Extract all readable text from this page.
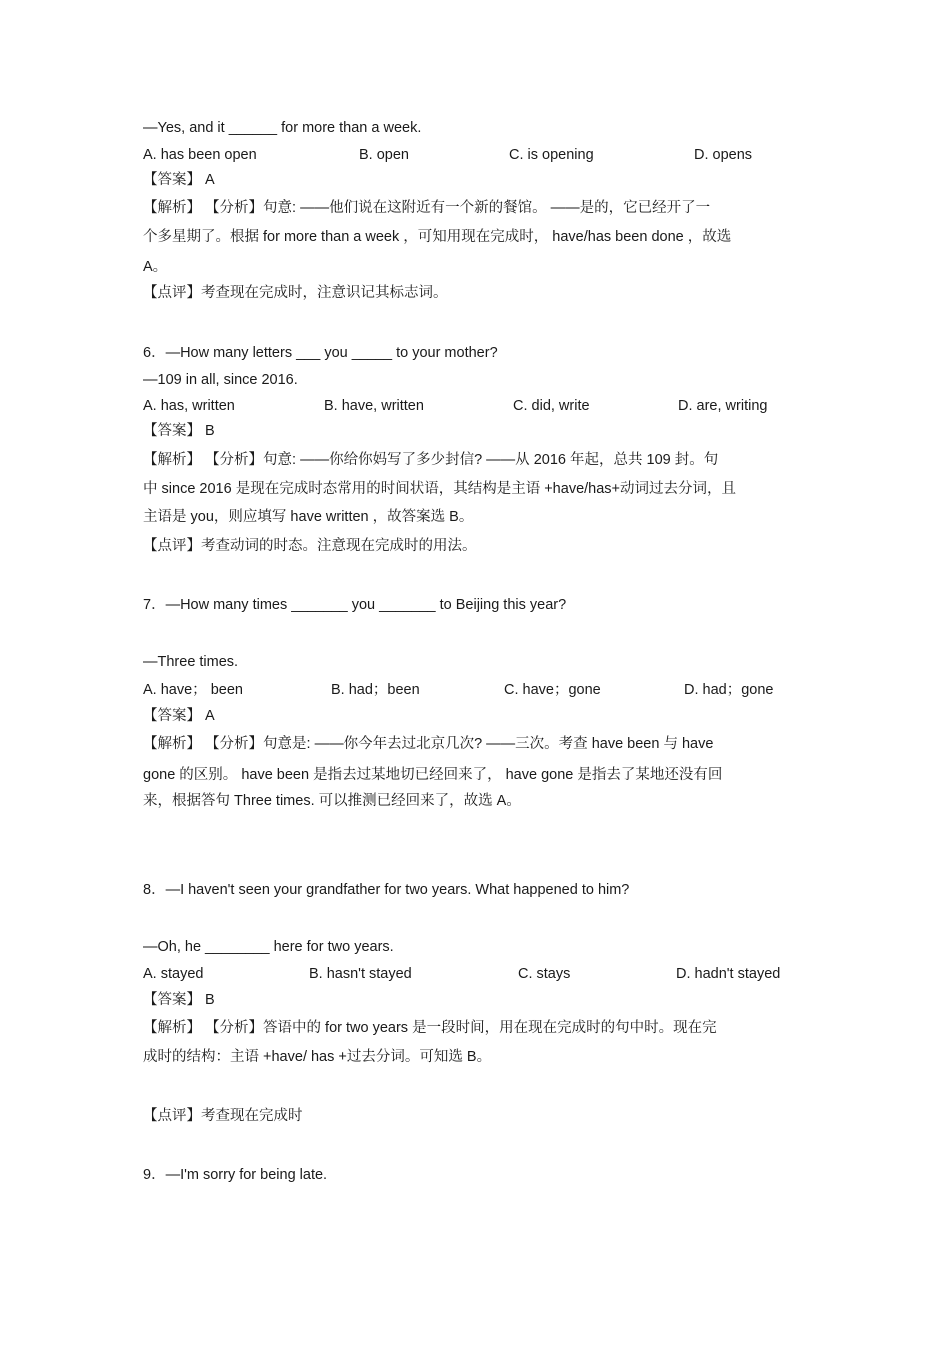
—Yes, and it ______ for more than a week.
A. has been open	B. open	C. is opening	D. opens
【答案】 A
【解析】 【分析】句意: ——他们说在这附近有一个新的餐馆。 ——是的，它已经开了一
个多星期了。根据 for more than a week ，可知用现在完成时， have/has been done ，故选
A。
【点评】考查现在完成时，注意识记其标志词。
6．—How many letters ___ you _____ to your mother?
—109 in all, since 2016.
A. has, written	B. have, written	C. did, write	D. are, writing
【答案】 B
【解析】 【分析】句意: ——你给你妈写了多少封信? ——从 2016 年起，总共 109 封。句
中 since 2016 是现在完成时态常用的时间状语，其结构是主语 +have/has+动词过去分词，且
主语是 you，则应填写 have written ，故答案选 B。
【点评】考查动词的时态。注意现在完成时的用法。
7．—How many times _______ you _______ to Beijing this year?
—Three times.
A. have； been	B. had；been	C. have；gone	D. had；gone
【答案】 A
【解析】 【分析】句意是: ——你今年去过北京几次? ——三次。考查 have been 与 have
gone 的区别。 have been 是指去过某地切已经回来了， have gone 是指去了某地还没有回
来，根据答句 Three times. 可以推测已经回来了，故选 A。
8．—I haven't seen your grandfather for two years. What happened to him?
—Oh, he ________ here for two years.
A. stayed	B. hasn't stayed	C. stays	D. hadn't stayed
【答案】 B
【解析】 【分析】答语中的 for two years 是一段时间，用在现在完成时的句中时。现在完
成时的结构：主语 +have/ has +过去分词。可知选 B。
【点评】考查现在完成时
9．—I'm sorry for being late.
